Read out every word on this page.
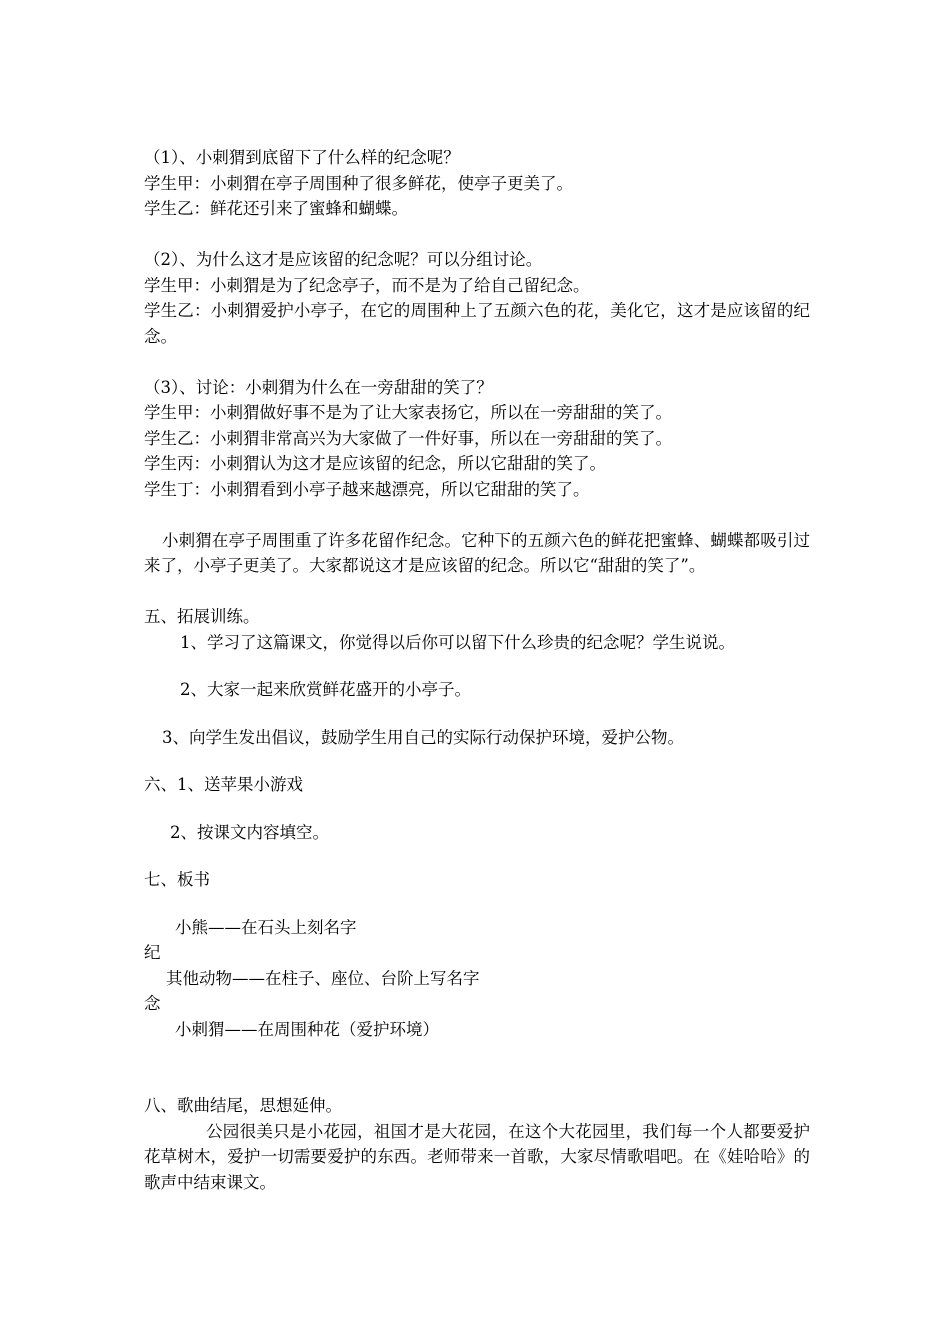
（1）、小刺猬到底留下了什么样的纪念呢？
学生甲：小刺猬在亭子周围种了很多鲜花，使亭子更美了。
学生乙：鲜花还引来了蜜蜂和蝴蝶。
（2）、为什么这才是应该留的纪念呢？可以分组讨论。
学生甲：小刺猬是为了纪念亭子，而不是为了给自己留纪念。
学生乙：小刺猬爱护小亭子，在它的周围种上了五颜六色的花，美化它，这才是应该留的纪念。
（3）、讨论：小刺猬为什么在一旁甜甜的笑了？
学生甲：小刺猬做好事不是为了让大家表扬它，所以在一旁甜甜的笑了。
学生乙：小刺猬非常高兴为大家做了一件好事，所以在一旁甜甜的笑了。
学生丙：小刺猬认为这才是应该留的纪念，所以它甜甜的笑了。
学生丁：小刺猬看到小亭子越来越漂亮，所以它甜甜的笑了。
小刺猬在亭子周围重了许多花留作纪念。它种下的五颜六色的鲜花把蜜蜂、蝴蝶都吸引过来了，小亭子更美了。大家都说这才是应该留的纪念。所以它“甜甜的笑了”。
五、拓展训练。
1、学习了这篇课文，你觉得以后你可以留下什么珍贵的纪念呢？学生说说。
2、大家一起来欣赏鲜花盛开的小亭子。
3、向学生发出倡议，鼓励学生用自己的实际行动保护环境，爱护公物。
六、1、送苹果小游戏
2、按课文内容填空。
七、板书
小熊——在石头上刻名字
纪
其他动物——在柱子、座位、台阶上写名字
念
小刺猬——在周围种花（爱护环境）
八、歌曲结尾，思想延伸。
公园很美只是小花园，祖国才是大花园，在这个大花园里，我们每一个人都要爱护花草树木，爱护一切需要爱护的东西。老师带来一首歌，大家尽情歌唱吧。在《娃哈哈》的歌声中结束课文。
